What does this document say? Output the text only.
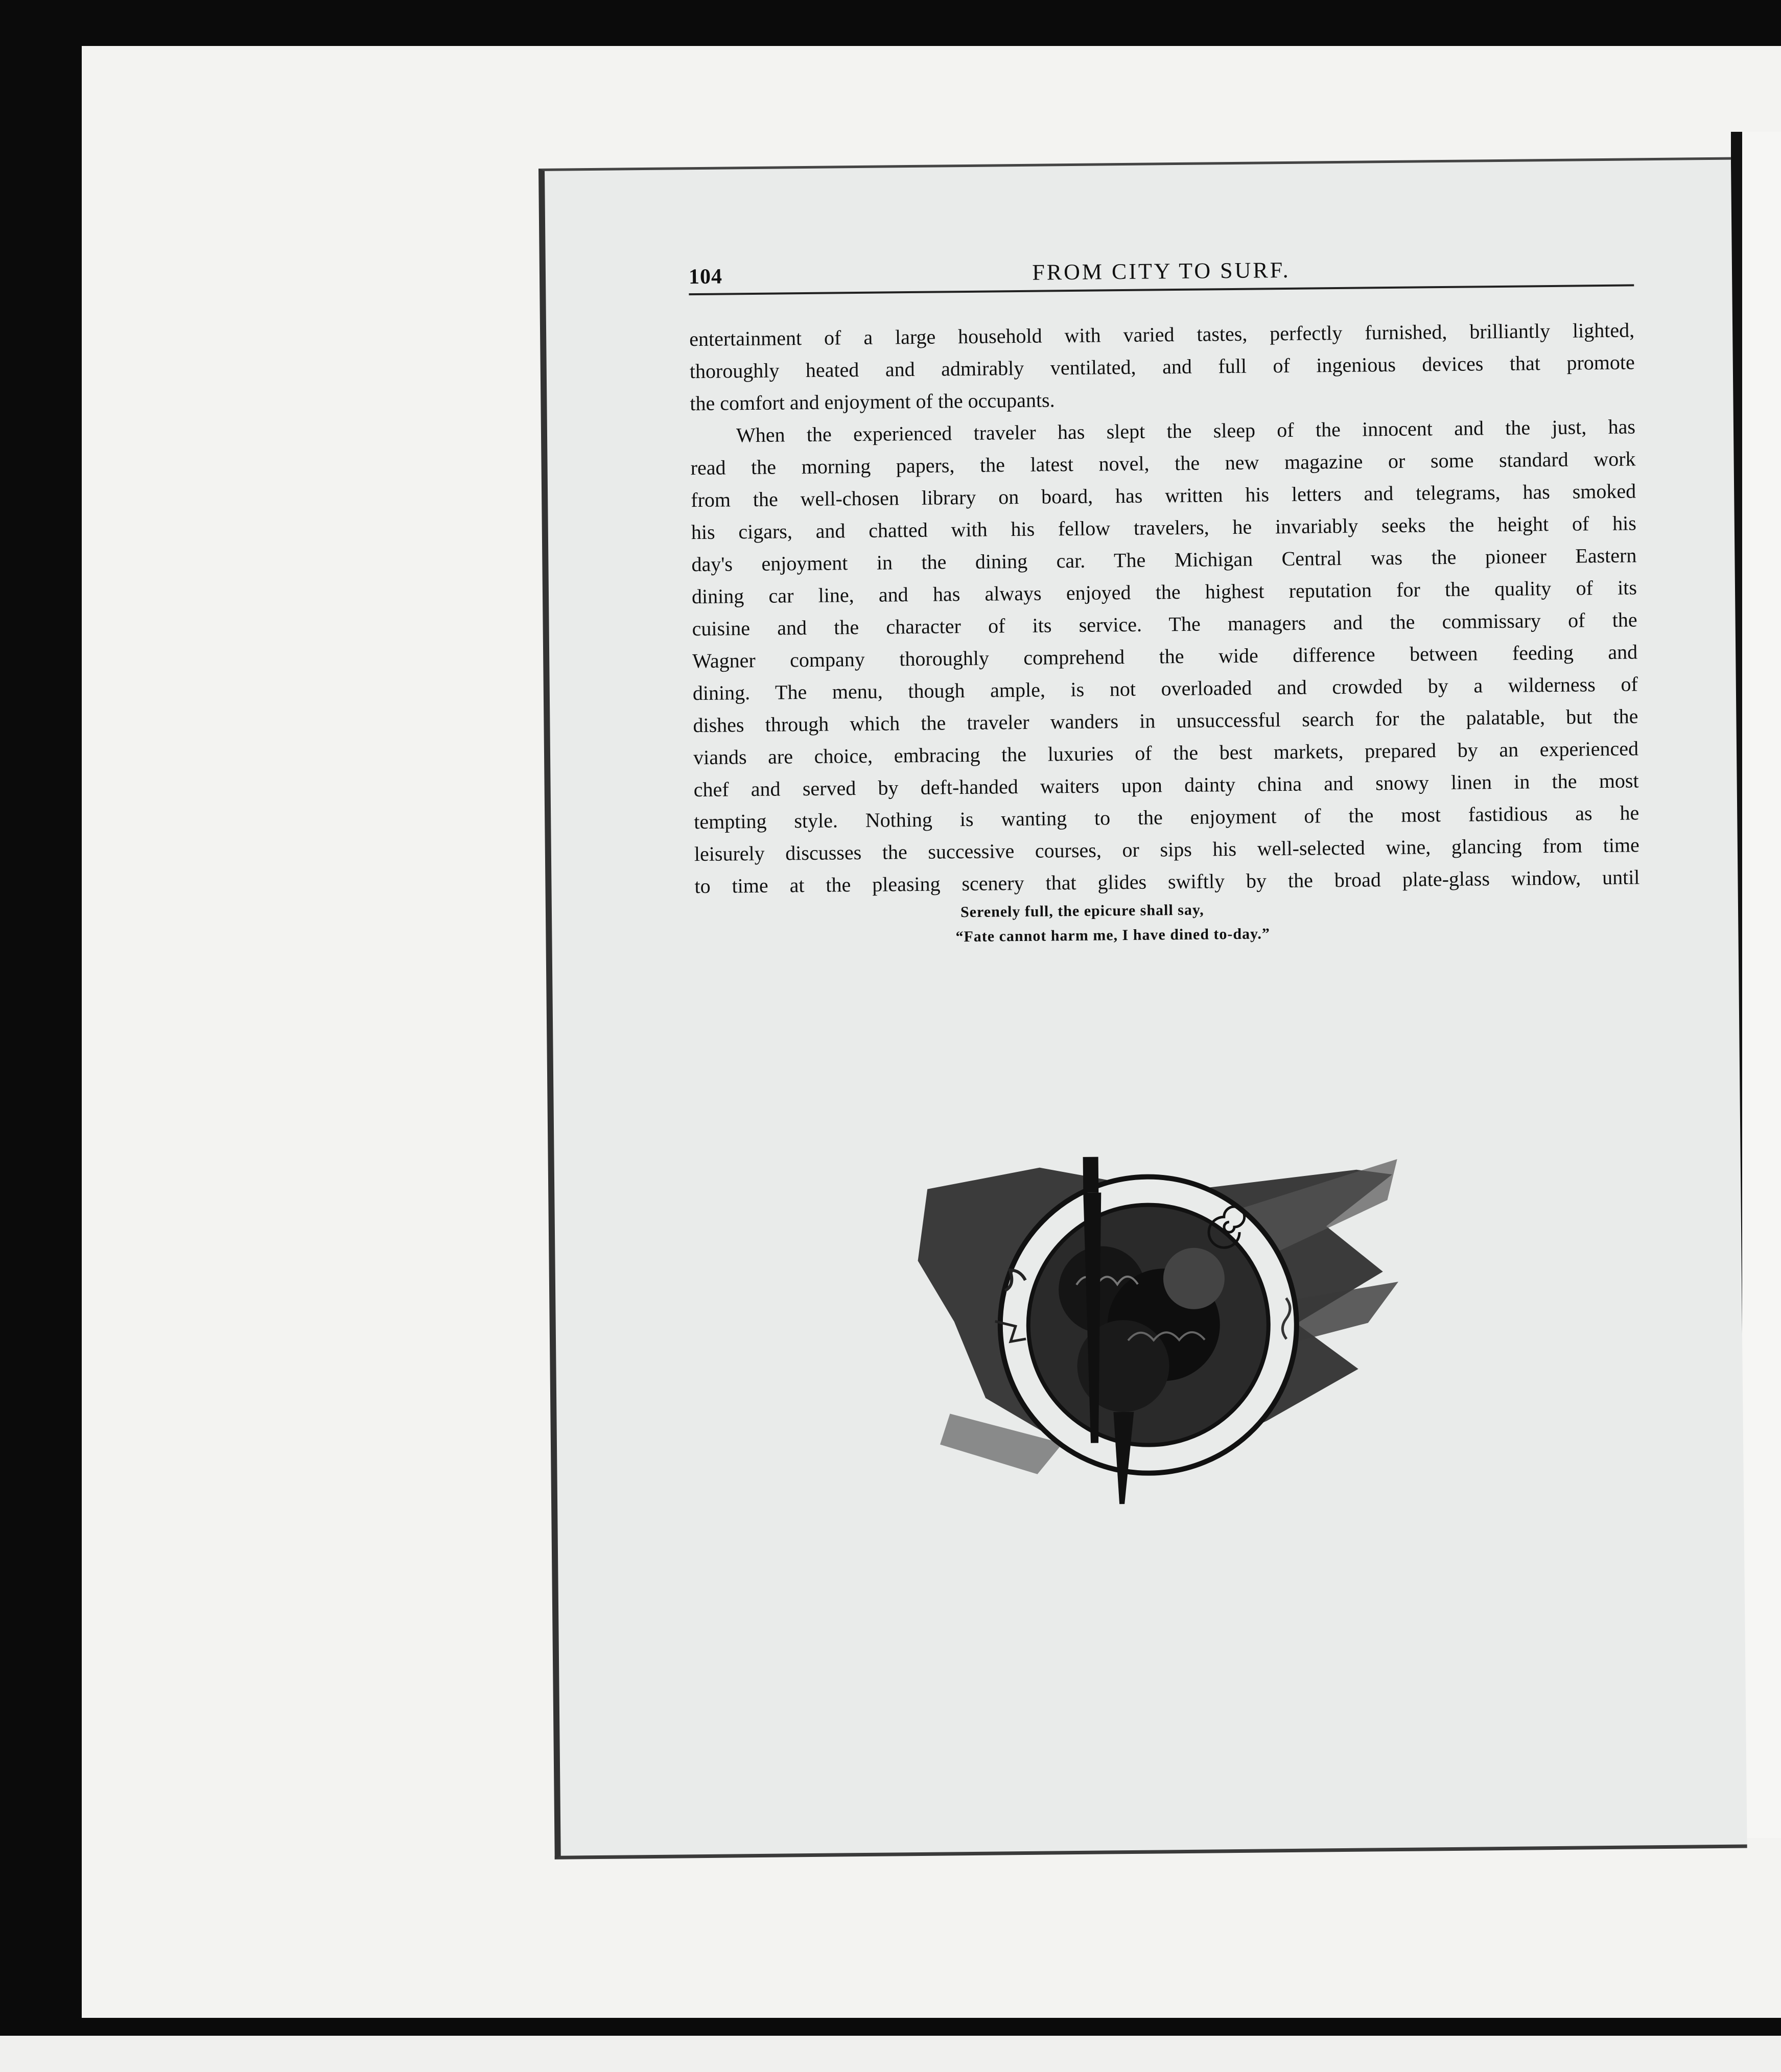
104	FROM CITY TO SURF.

entertainment of a large household with varied tastes, perfectly furnished, brilliantly lighted,
thoroughly heated and admirably ventilated, and full of ingenious devices that promote
the comfort and enjoyment of the occupants.

When the experienced traveler has slept the sleep of the innocent and the just, has
read the morning papers, the latest novel, the new magazine or some standard work
from the well-chosen library on board, has written his letters and telegrams, has smoked
his cigars, and chatted with his fellow travelers, he invariably seeks the height of his
day's enjoyment in the dining car. The Michigan Central was the pioneer Eastern
dining car line, and has always enjoyed the highest reputation for the quality of its
cuisine and the character of its service. The managers and the commissary of the
Wagner company thoroughly comprehend the wide difference between feeding and
dining. The menu, though ample, is not overloaded and crowded by a wilderness of
dishes through which the traveler wanders in unsuccessful search for the palatable, but the
viands are choice, embracing the luxuries of the best markets, prepared by an experienced
chef and served by deft-handed waiters upon dainty china and snowy linen in the most
tempting style. Nothing is wanting to the enjoyment of the most fastidious as he
leisurely discusses the successive courses, or sips his well-selected wine, glancing from time
to time at the pleasing scenery that glides swiftly by the broad plate-glass window, until

Serenely full, the epicure shall say,
“Fate cannot harm me, I have dined to-day.”
